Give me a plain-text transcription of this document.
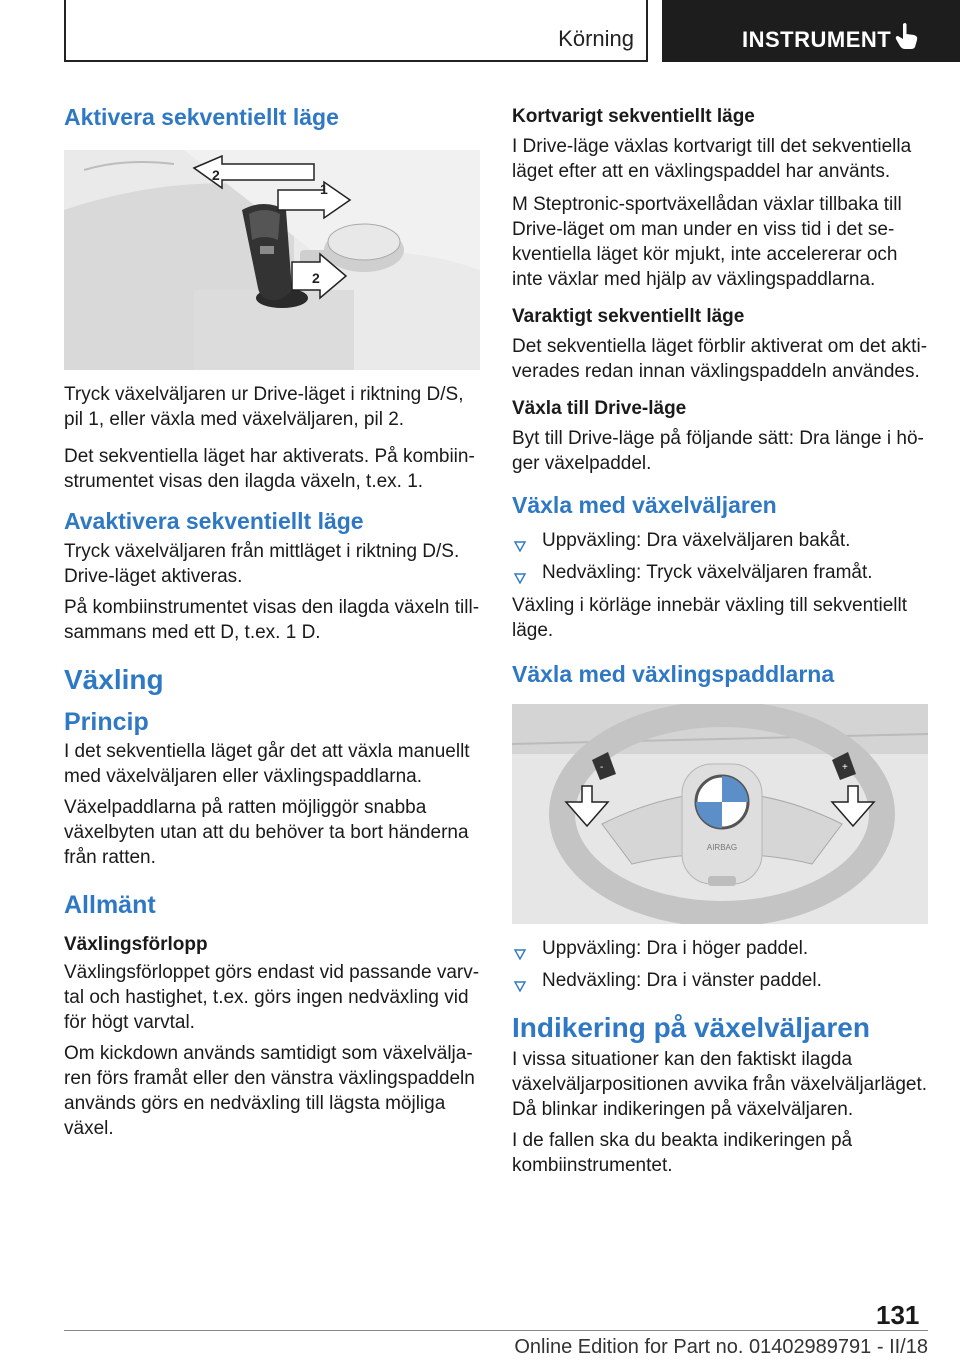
Körning	INSTRUMENT
Aktivera sekventiellt läge
2
1
2

Tryck växelväljaren ur Drive-läget i riktning D/S, pil 1, eller växla med växelväljaren, pil 2.

Det sekventiella läget har aktiverats. På kombiinstrumentet visas den ilagda växeln, t.ex. 1.

Avaktivera sekventiellt läge

Tryck växelväljaren från mittläget i riktning D/S. Drive-läget aktiveras.

På kombiinstrumentet visas den ilagda växeln tillsammans med ett D, t.ex. 1 D.

Växling
Princip

I det sekventiella läget går det att växla manuellt med växelväljaren eller växlingspaddlarna.

Växelpaddlarna på ratten möjliggör snabba växelbyten utan att du behöver ta bort händerna från ratten.

Allmänt
Växlingsförlopp

Växlingsförloppet görs endast vid passande varvtal och hastighet, t.ex. görs ingen nedväxling vid för högt varvtal.

Om kickdown används samtidigt som växelväljaren förs framåt eller den vänstra växlingspaddeln används görs en nedväxling till lägsta möjliga växel.

Kortvarigt sekventiellt läge

I Drive-läge växlas kortvarigt till det sekventiella läget efter att en växlingspaddel har använts.

M Steptronic-sportväxellådan växlar tillbaka till Drive-läget om man under en viss tid i det sekventiella läget kör mjukt, inte accelererar och inte växlar med hjälp av växlingspaddlarna.

Varaktigt sekventiellt läge

Det sekventiella läget förblir aktiverat om det aktiverades redan innan växlingspaddeln användes.

Växla till Drive-läge

Byt till Drive-läge på följande sätt: Dra länge i höger växelpaddel.

Växla med växelväljaren
Uppväxling: Dra växelväljaren bakåt.
Nedväxling: Tryck växelväljaren framåt.

Växling i körläge innebär växling till sekventiellt läge.

Växla med växlingspaddlarna
AIRBAG
-	+
Uppväxling: Dra i höger paddel.
Nedväxling: Dra i vänster paddel.
Indikering på växelväljaren

I vissa situationer kan den faktiskt ilagda växelväljarpositionen avvika från växelväljarläget. Då blinkar indikeringen på växelväljaren.

I de fallen ska du beakta indikeringen på kombiinstrumentet.

131
Online Edition for Part no. 01402989791 - II/18
